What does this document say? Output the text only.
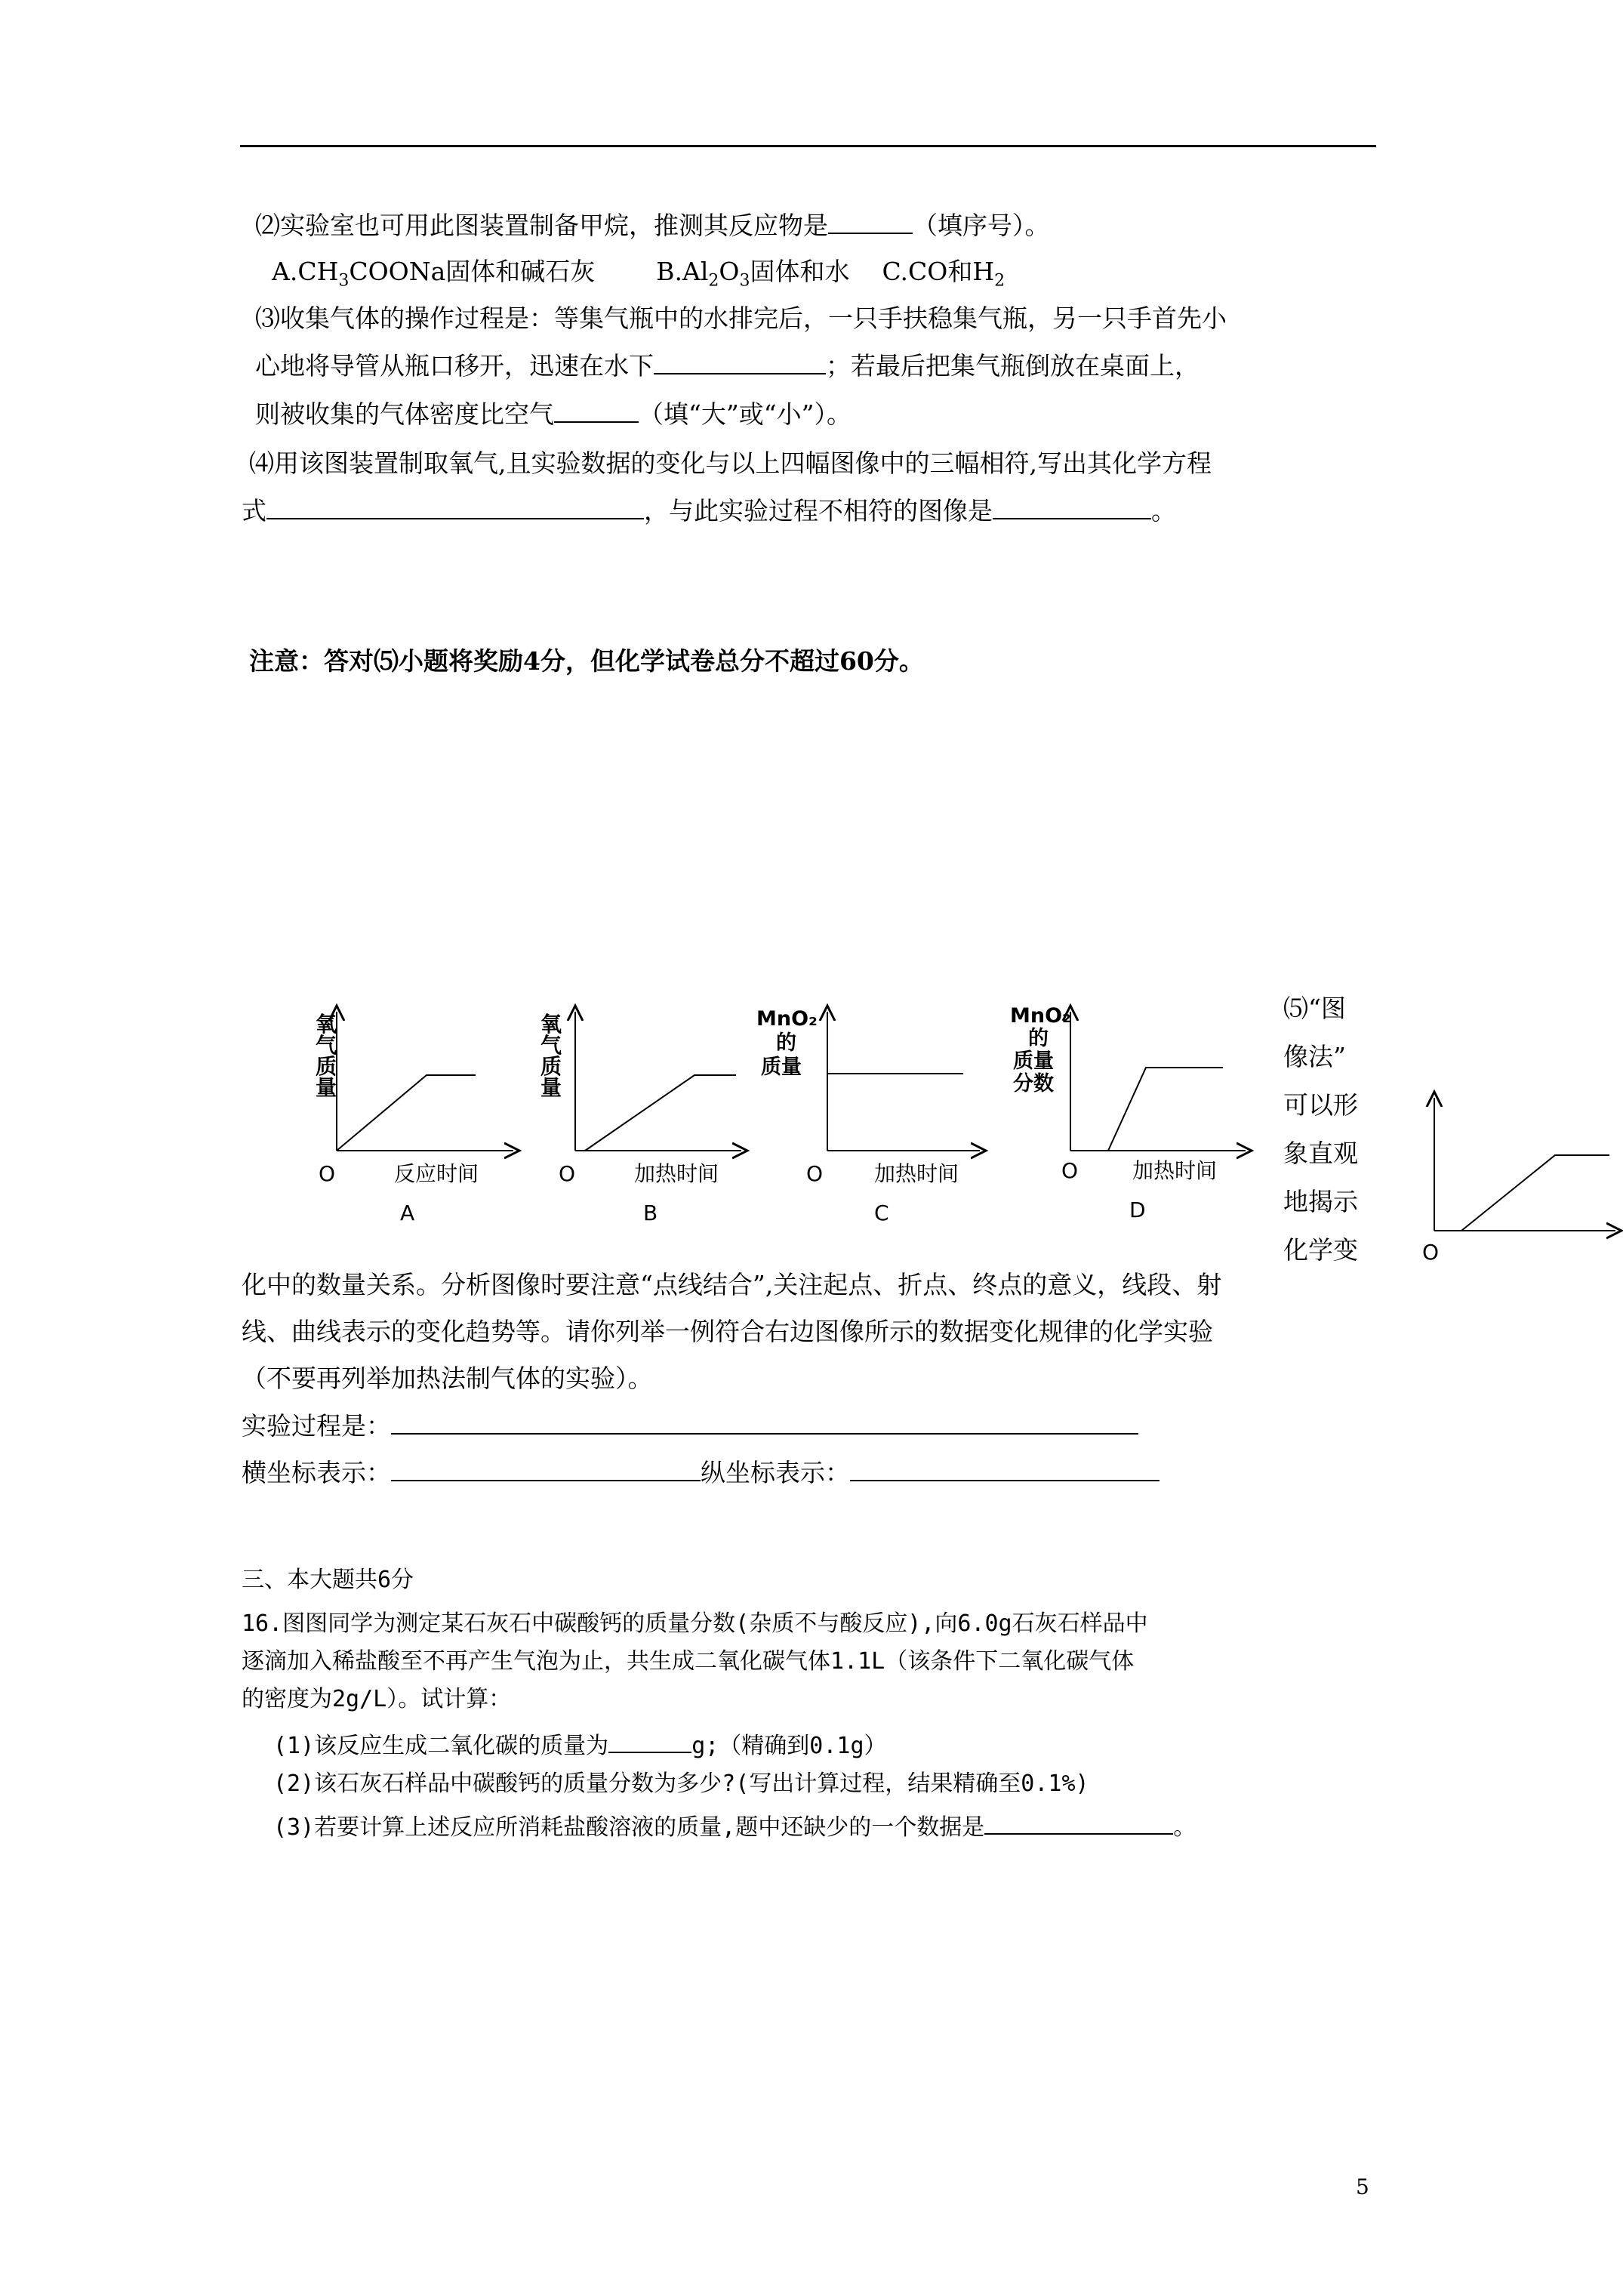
⑵实验室也可用此图装置制备甲烷，推测其反应物是	（填序号）。
$A.CH_3COONa$固体和碱石灰 $B.Al_2O_3$固体和水 C.CO和$H_2$
⑶收集气体的操作过程是：等集气瓶中的水排完后，一只手扶稳集气瓶，另一只手首先小
心地将导管从瓶口移开，迅速在水下	；若最后把集气瓶倒放在桌面上，
则被收集的气体密度比空气	（填“大”或“小”）。
⑷用该图装置制取氧气,且实验数据的变化与以上四幅图像中的三幅相符,写出其化学方程
式	，与此实验过程不相符的图像是	。
注意：答对⑸小题将奖励4分，但化学试卷总分不超过60分。
氧
气
质
量
O	反应时间
A
氧
气
质
量
O	加热时间
B
MnO₂
的
质量
O 加热时间
C
MnO₂
的
质量
分数
O	加热时间
D
⑸“图
像法”
可以形
象直观
地揭示
化学变	O
化中的数量关系。分析图像时要注意“点线结合”,关注起点、折点、终点的意义，线段、射
线、曲线表示的变化趋势等。请你列举一例符合右边图像所示的数据变化规律的化学实验
（不要再列举加热法制气体的实验）。
实验过程是：
横坐标表示：	纵坐标表示：
三、本大题共6分
16.图图同学为测定某石灰石中碳酸钙的质量分数(杂质不与酸反应),向6.0g石灰石样品中
逐滴加入稀盐酸至不再产生气泡为止，共生成二氧化碳气体1.1L（该条件下二氧化碳气体
的密度为2g/L）。试计算：
(1)该反应生成二氧化碳的质量为	g;（精确到0.1g）
(2)该石灰石样品中碳酸钙的质量分数为多少?(写出计算过程，结果精确至0.1%)
(3)若要计算上述反应所消耗盐酸溶液的质量,题中还缺少的一个数据是	。
5
